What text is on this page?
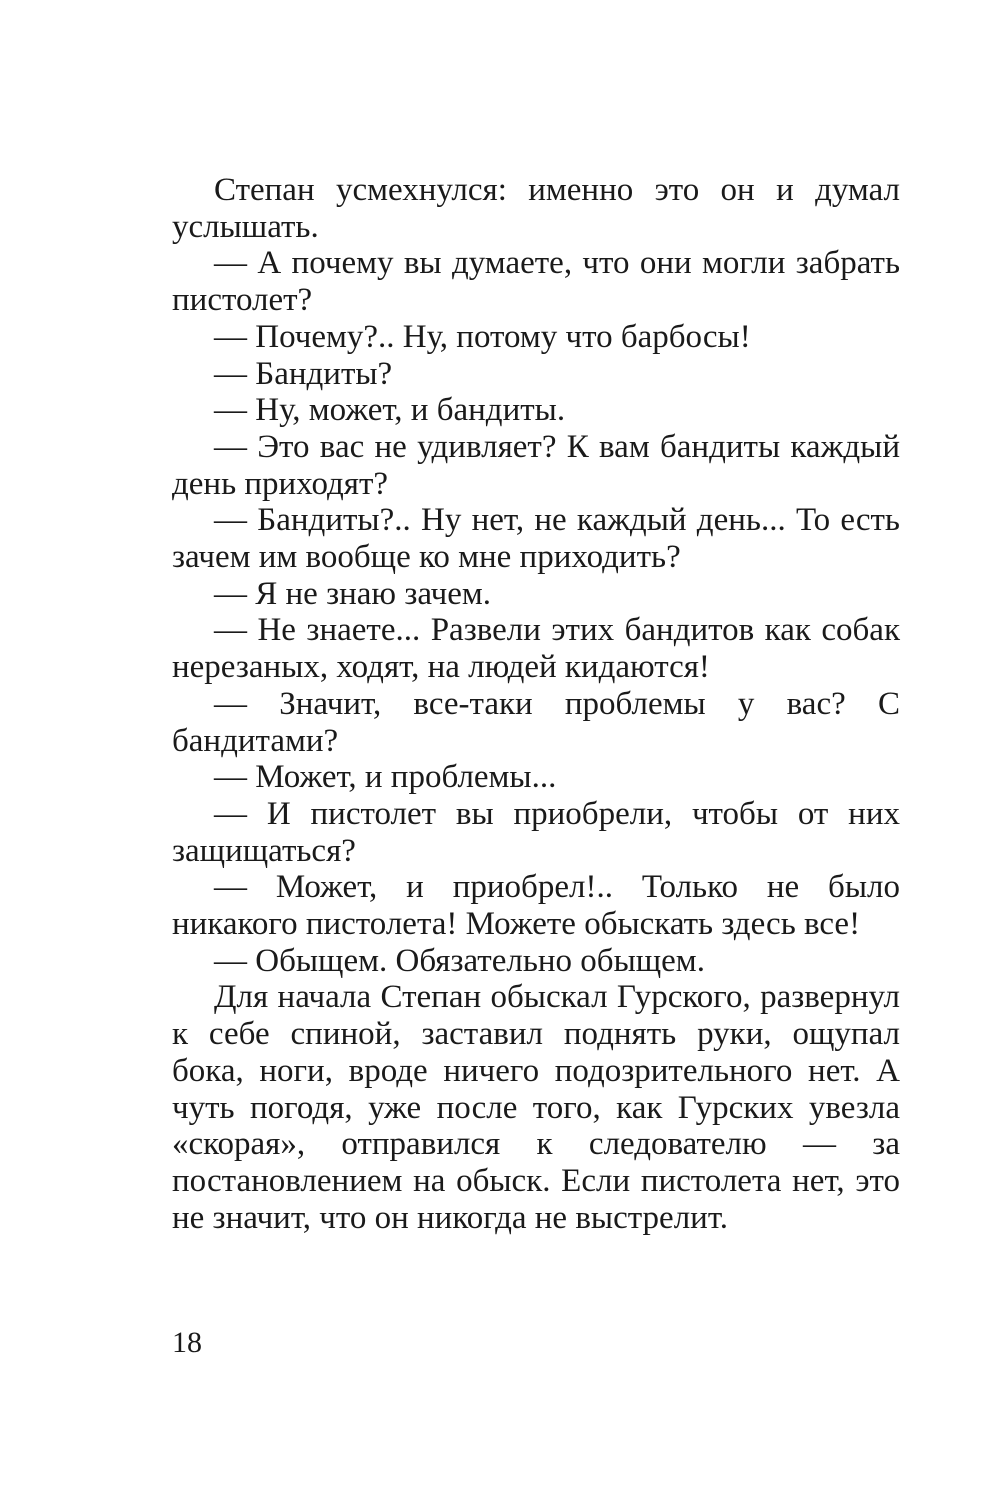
Степан усмехнулся: именно это он и думал услышать.

— А почему вы думаете, что они могли забрать пистолет?

— Почему?.. Ну, потому что барбосы!

— Бандиты?

— Ну, может, и бандиты.

— Это вас не удивляет? К вам бандиты каждый день приходят?

— Бандиты?.. Ну нет, не каждый день... То есть зачем им вообще ко мне приходить?

— Я не знаю зачем.

— Не знаете... Развели этих бандитов как собак нерезаных, ходят, на людей кидаются!

— Значит, все-таки проблемы у вас? С бандитами?

— Может, и проблемы...

— И пистолет вы приобрели, чтобы от них защищаться?

— Может, и приобрел!.. Только не было никакого пистолета! Можете обыскать здесь все!

— Обыщем. Обязательно обыщем.

Для начала Степан обыскал Гурского, развернул к себе спиной, заставил поднять руки, ощупал бока, ноги, вроде ничего подозрительного нет. А чуть погодя, уже после того, как Гурских увезла «скорая», отправился к следователю — за постановлением на обыск. Если пистолета нет, это не значит, что он никогда не выстрелит.

18
